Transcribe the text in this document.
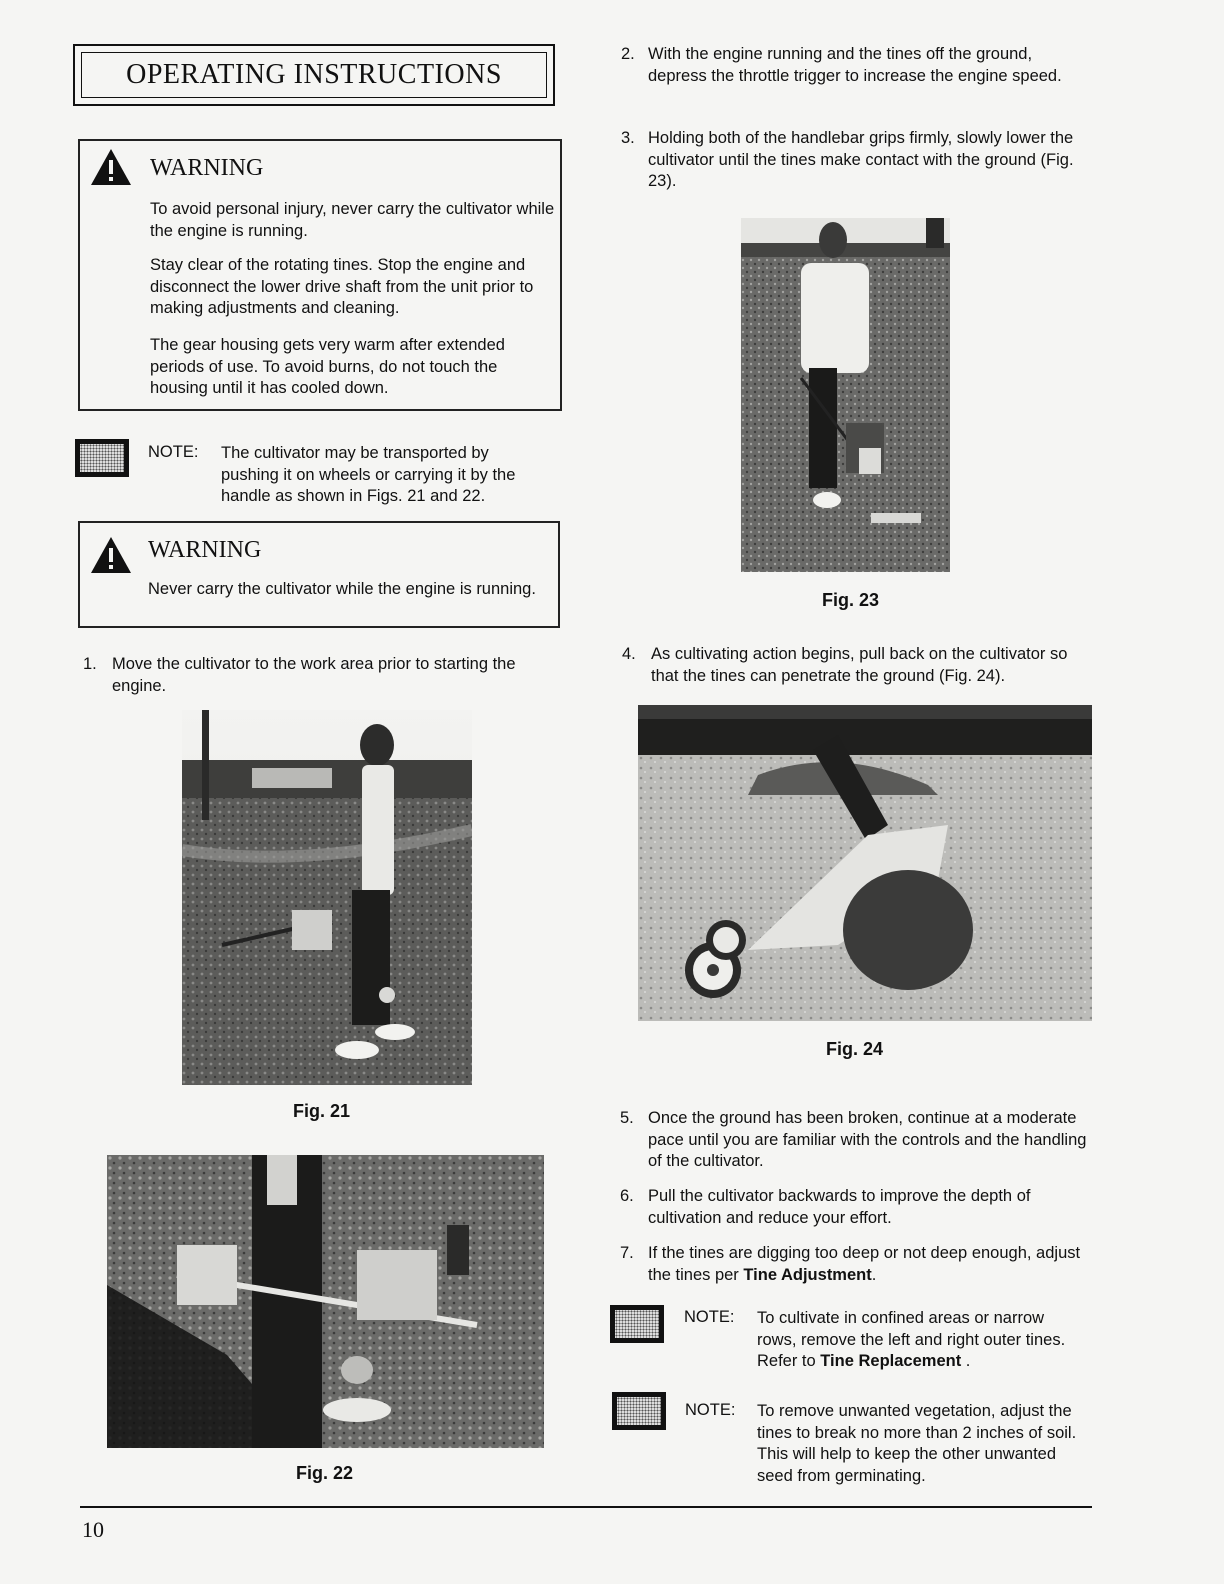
OPERATING INSTRUCTIONS
WARNING
To avoid personal injury, never carry the cultivator while the engine is running.
Stay clear of the rotating tines. Stop the engine and disconnect the lower drive shaft from the unit prior to making adjustments and cleaning.
The gear housing gets very warm after extended periods of use. To avoid burns, do not touch the housing until it has cooled down.
NOTE: The cultivator may be transported by pushing it on wheels or carrying it by the handle as shown in Figs. 21 and 22.
WARNING
Never carry the cultivator while the engine is running.
1. Move the cultivator to the work area prior to starting the engine.
Fig. 21
Fig. 22
2. With the engine running and the tines off the ground, depress the throttle trigger to increase the engine speed.
3. Holding both of the handlebar grips firmly, slowly lower the cultivator until the tines make contact with the ground (Fig. 23).
Fig. 23
4. As cultivating action begins, pull back on the cultivator so that the tines can penetrate the ground (Fig. 24).
Fig. 24
5. Once the ground has been broken, continue at a moderate pace until you are familiar with the controls and the handling of the cultivator.
6. Pull the cultivator backwards to improve the depth of cultivation and reduce your effort.
7. If the tines are digging too deep or not deep enough, adjust the tines per Tine Adjustment.
NOTE: To cultivate in confined areas or narrow rows, remove the left and right outer tines. Refer to Tine Replacement .
NOTE: To remove unwanted vegetation, adjust the tines to break no more than 2 inches of soil. This will help to keep the other unwanted seed from germinating.
10
